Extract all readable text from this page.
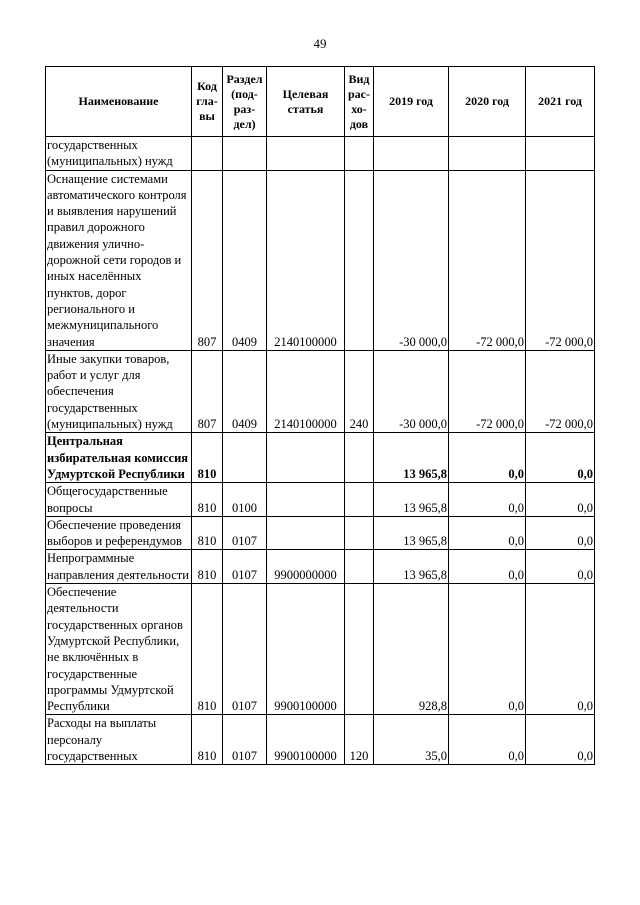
49
Наименование	Код гла- вы	Раздел (под- раз- дел)	Целевая статья	Вид рас- хо- дов	2019 год	2020 год	2021 год
государственных (муниципальных) нужд							
Оснащение системами автоматического контроля и выявления нарушений правил дорожного движения улично-дорожной сети городов и иных населённых пунктов, дорог регионального и межмуниципального значения	807	0409	2140100000		-30 000,0	-72 000,0	-72 000,0
Иные закупки товаров, работ и услуг для обеспечения государственных (муниципальных) нужд	807	0409	2140100000	240	-30 000,0	-72 000,0	-72 000,0
Центральная избирательная комиссия Удмуртской Республики	810				13 965,8	0,0	0,0
Общегосударственные вопросы	810	0100			13 965,8	0,0	0,0
Обеспечение проведения выборов и референдумов	810	0107			13 965,8	0,0	0,0
Непрограммные направления деятельности	810	0107	9900000000		13 965,8	0,0	0,0
Обеспечение деятельности государственных органов Удмуртской Республики, не включённых в государственные программы Удмуртской Республики	810	0107	9900100000		928,8	0,0	0,0
Расходы на выплаты персоналу государственных	810	0107	9900100000	120	35,0	0,0	0,0
